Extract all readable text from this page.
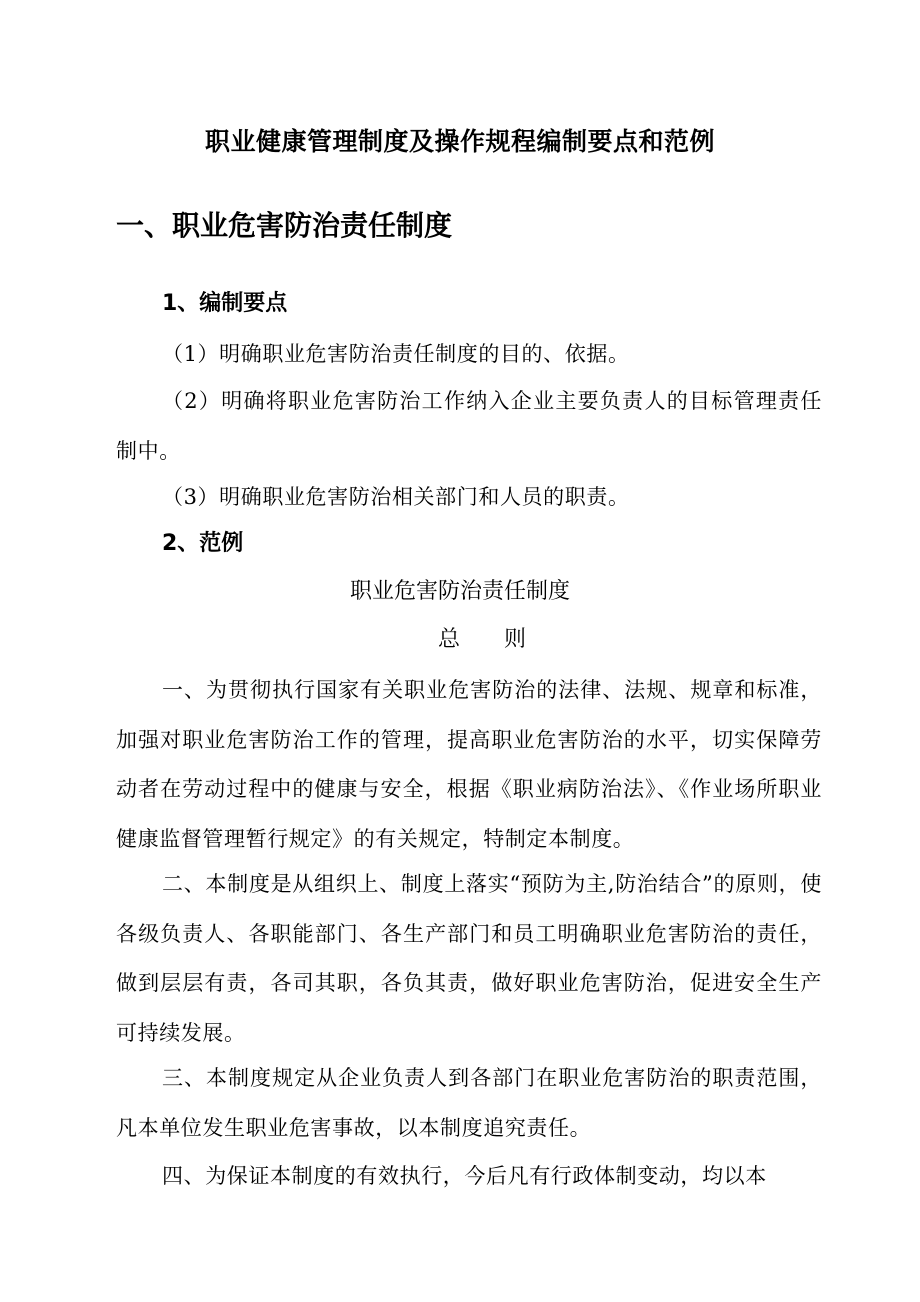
职业健康管理制度及操作规程编制要点和范例
一、职业危害防治责任制度
1、编制要点
（1）明确职业危害防治责任制度的目的、依据。
（2）明确将职业危害防治工作纳入企业主要负责人的目标管理责任制中。
（3）明确职业危害防治相关部门和人员的职责。
2、范例
职业危害防治责任制度
总则
一、为贯彻执行国家有关职业危害防治的法律、法规、规章和标准，加强对职业危害防治工作的管理，提高职业危害防治的水平，切实保障劳动者在劳动过程中的健康与安全，根据《职业病防治法》、《作业场所职业健康监督管理暂行规定》的有关规定，特制定本制度。
二、本制度是从组织上、制度上落实“预防为主,防治结合”的原则，使各级负责人、各职能部门、各生产部门和员工明确职业危害防治的责任，做到层层有责，各司其职，各负其责，做好职业危害防治，促进安全生产可持续发展。
三、本制度规定从企业负责人到各部门在职业危害防治的职责范围，凡本单位发生职业危害事故，以本制度追究责任。
四、为保证本制度的有效执行，今后凡有行政体制变动，均以本
